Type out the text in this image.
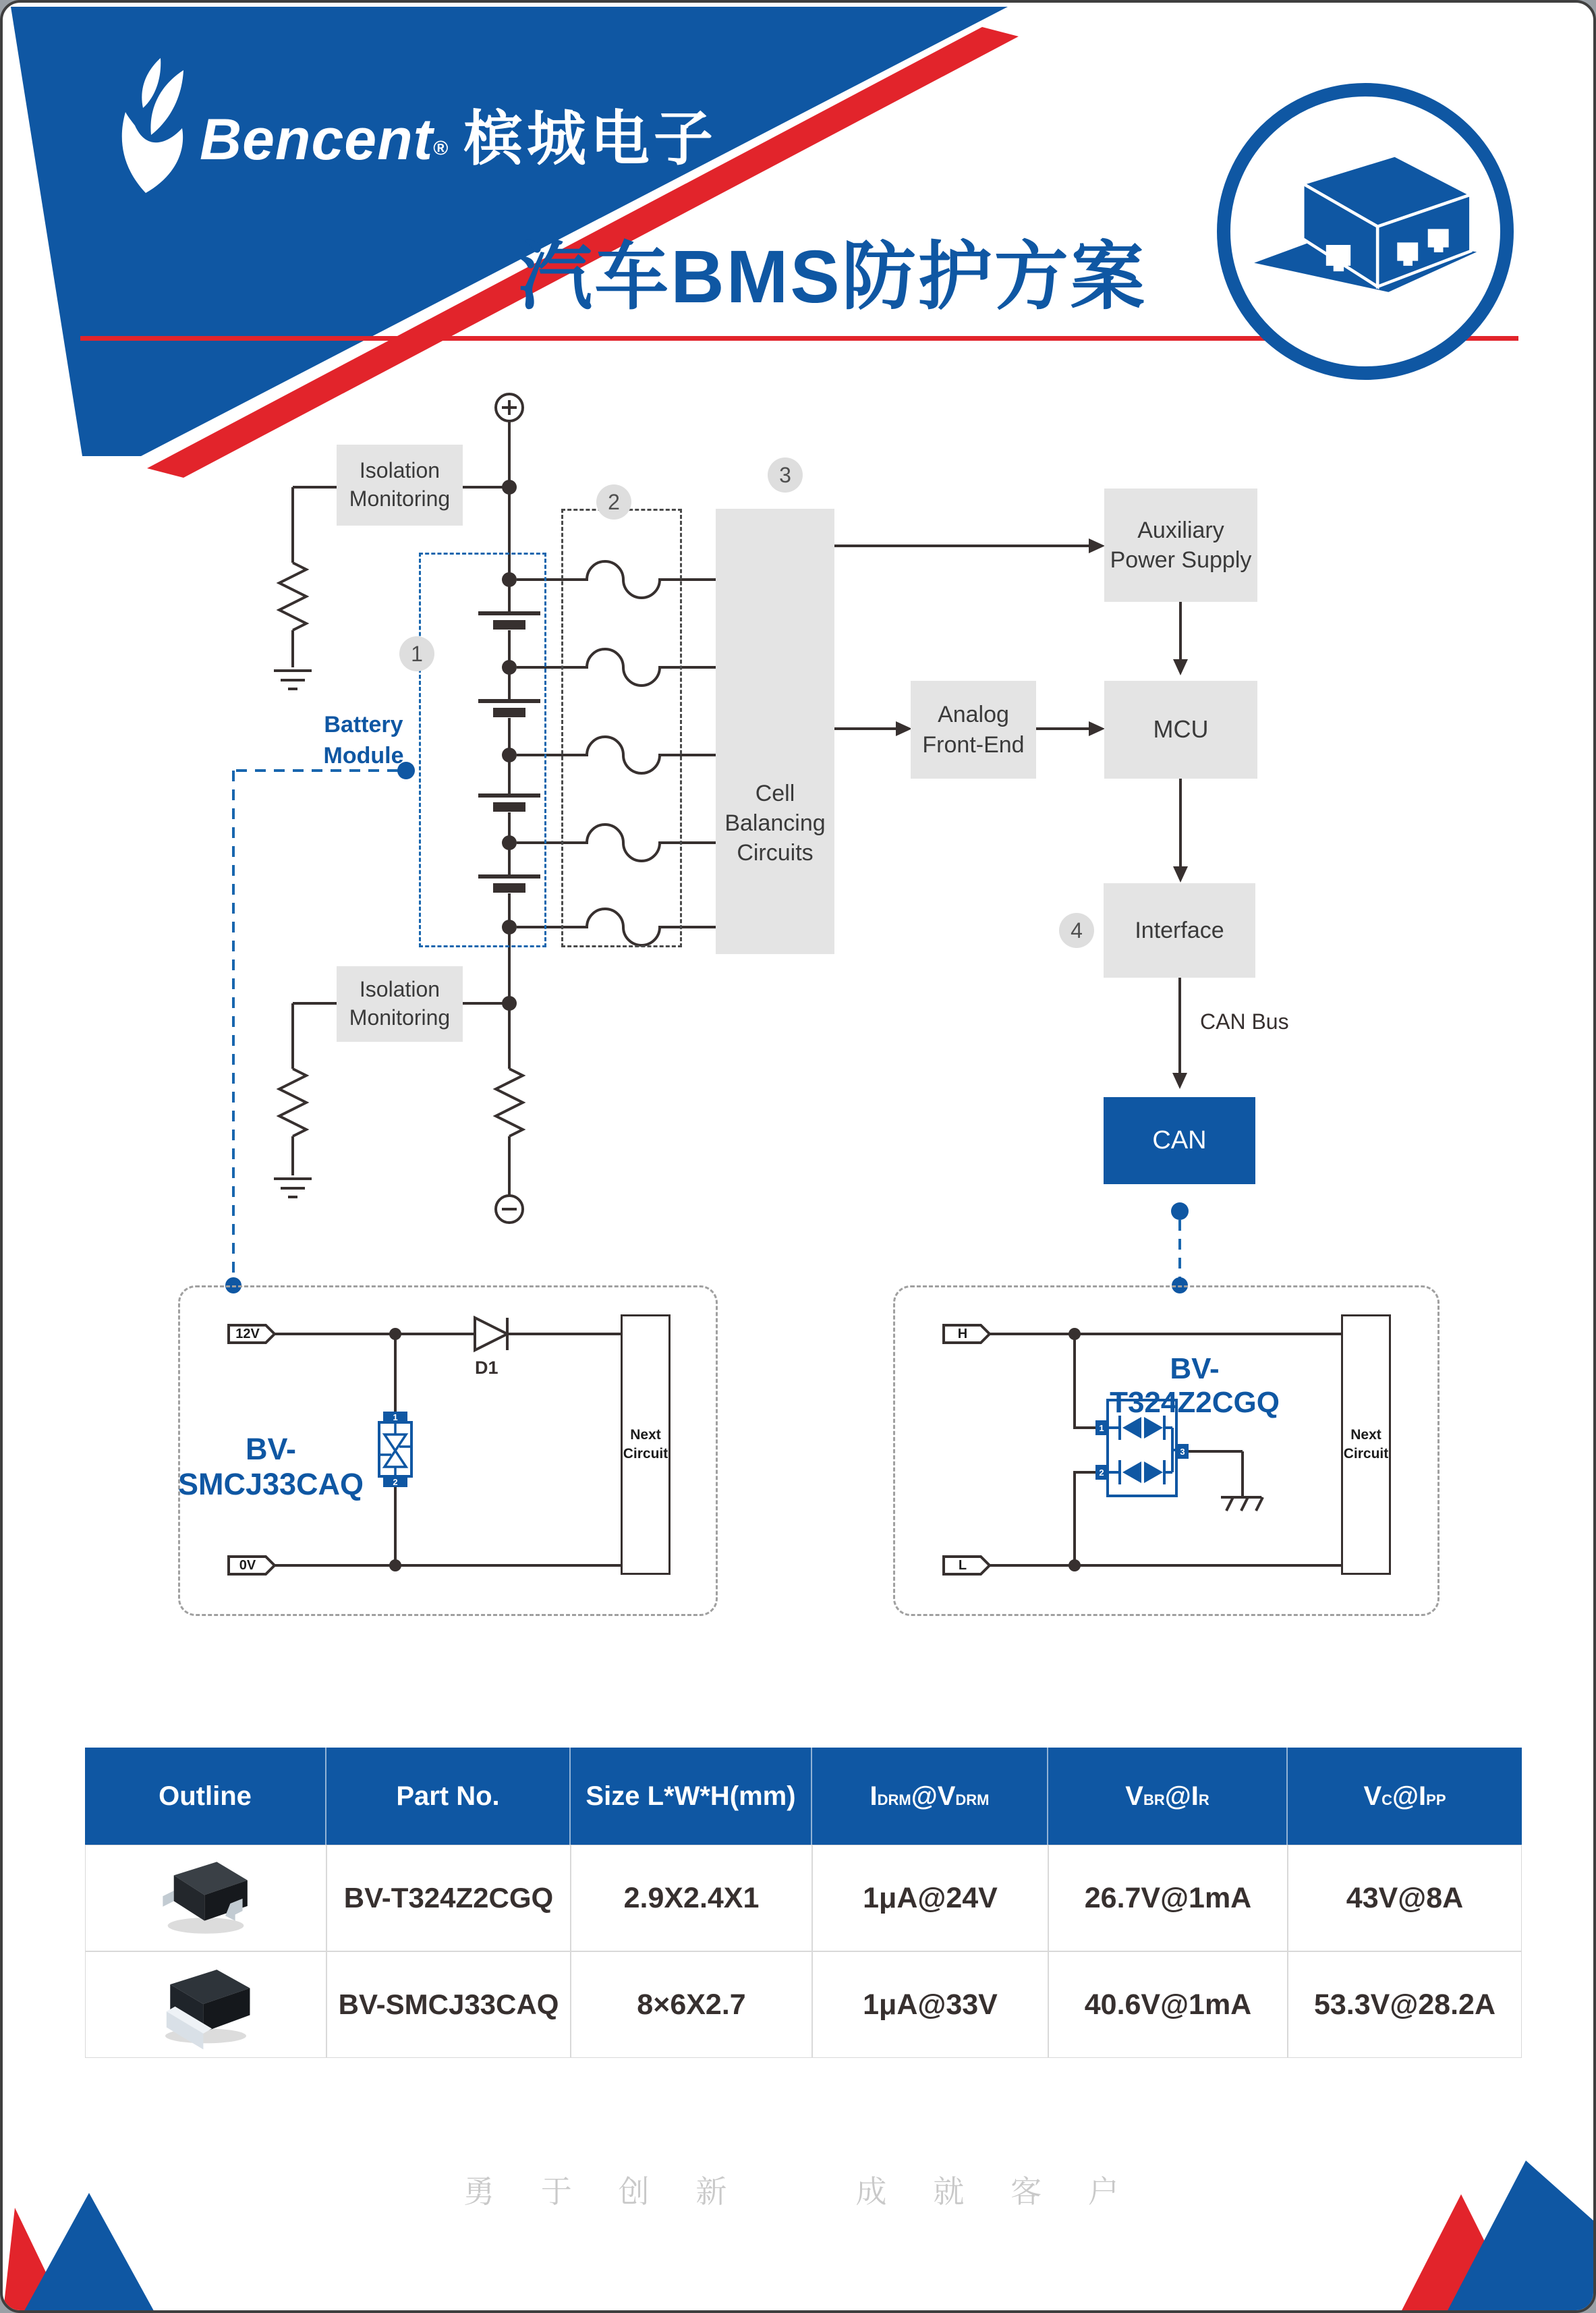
Bencent® 槟城电子
汽车BMS防护方案
Isolation Monitoring
Isolation Monitoring
Cell Balancing Circuits
Analog Front-End
Auxiliary Power Supply
MCU
Interface
CAN
1
2
3
4
Battery Module
CAN Bus
12V
0V
D1
BV-SMCJ33CAQ
1
2
Next Circuit
H
L
BV-T324Z2CGQ
1
2
3
Next Circuit
Outline	Part No.	Size L*W*H(mm)	I DRM @ V DRM	V BR @ I R	V C @ I PP
BV-T324Z2CGQ	2.9X2.4X1	1μA@24V	26.7V@1mA	43V@8A
BV-SMCJ33CAQ	8×6X2.7	1μA@33V	40.6V@1mA	53.3V@28.2A
勇 于 创 新    成 就 客 户
